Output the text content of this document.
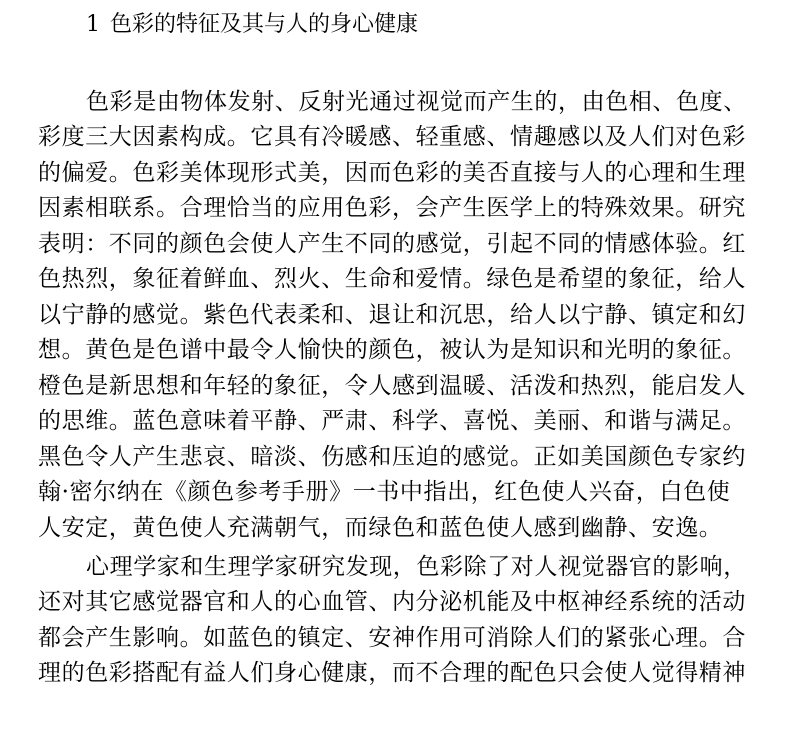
1 色彩的特征及其与人的身心健康
色彩是由物体发射、反射光通过视觉而产生的，由色相、色度、
彩度三大因素构成。它具有冷暖感、轻重感、情趣感以及人们对色彩
的偏爱。色彩美体现形式美，因而色彩的美否直接与人的心理和生理
因素相联系。合理恰当的应用色彩，会产生医学上的特殊效果。研究
表明：不同的颜色会使人产生不同的感觉，引起不同的情感体验。红
色热烈，象征着鲜血、烈火、生命和爱情。绿色是希望的象征，给人
以宁静的感觉。紫色代表柔和、退让和沉思，给人以宁静、镇定和幻
想。黄色是色谱中最令人愉快的颜色，被认为是知识和光明的象征。
橙色是新思想和年轻的象征，令人感到温暖、活泼和热烈，能启发人
的思维。蓝色意味着平静、严肃、科学、喜悦、美丽、和谐与满足。
黑色令人产生悲哀、暗淡、伤感和压迫的感觉。正如美国颜色专家约
翰·密尔纳在《颜色参考手册》一书中指出，红色使人兴奋，白色使
人安定，黄色使人充满朝气，而绿色和蓝色使人感到幽静、安逸。
心理学家和生理学家研究发现，色彩除了对人视觉器官的影响，
还对其它感觉器官和人的心血管、内分泌机能及中枢神经系统的活动
都会产生影响。如蓝色的镇定、安神作用可消除人们的紧张心理。合
理的色彩搭配有益人们身心健康，而不合理的配色只会使人觉得精神
